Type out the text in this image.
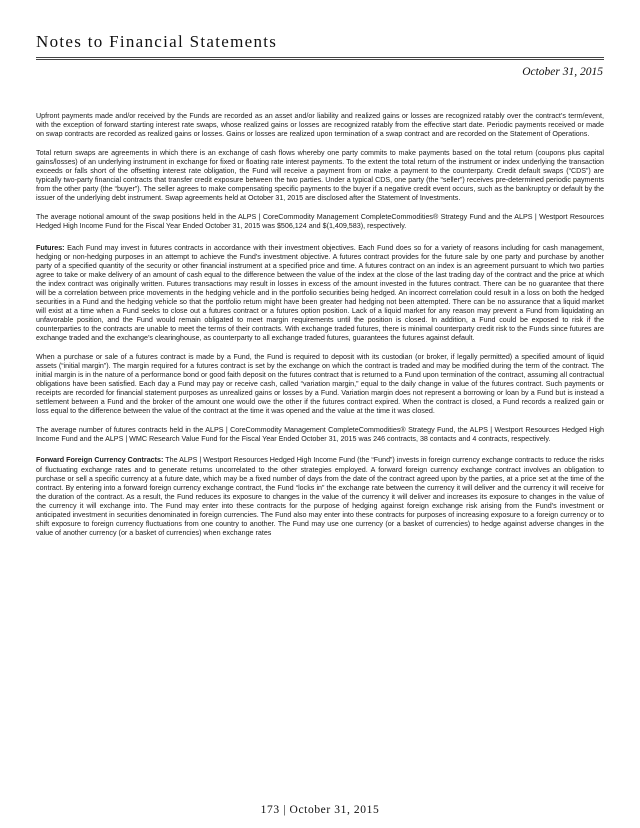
Notes to Financial Statements
October 31, 2015

Upfront payments made and/or received by the Funds are recorded as an asset and/or liability and realized gains or losses are recognized ratably over the contract’s term/event, with the exception of forward starting interest rate swaps, whose realized gains or losses are recognized ratably from the effective start date. Periodic payments received or made on swap contracts are recorded as realized gains or losses. Gains or losses are realized upon termination of a swap contract and are recorded on the Statement of Operations.

Total return swaps are agreements in which there is an exchange of cash flows whereby one party commits to make payments based on the total return (coupons plus capital gains/losses) of an underlying instrument in exchange for fixed or floating rate interest payments. To the extent the total return of the instrument or index underlying the transaction exceeds or falls short of the offsetting interest rate obligation, the Fund will receive a payment from or make a payment to the counterparty. Credit default swaps (“CDS”) are typically two-party financial contracts that transfer credit exposure between the two parties. Under a typical CDS, one party (the “seller”) receives pre-determined periodic payments from the other party (the “buyer”). The seller agrees to make compensating specific payments to the buyer if a negative credit event occurs, such as the bankruptcy or default by the issuer of the underlying debt instrument. Swap agreements held at October 31, 2015 are disclosed after the Statement of Investments.

The average notional amount of the swap positions held in the ALPS | CoreCommodity Management CompleteCommodities® Strategy Fund and the ALPS | Westport Resources Hedged High Income Fund for the Fiscal Year Ended October 31, 2015 was $506,124 and $(1,409,583), respectively.

Futures: Each Fund may invest in futures contracts in accordance with their investment objectives. Each Fund does so for a variety of reasons including for cash management, hedging or non-hedging purposes in an attempt to achieve the Fund’s investment objective. A futures contract provides for the future sale by one party and purchase by another party of a specified quantity of the security or other financial instrument at a specified price and time. A futures contract on an index is an agreement pursuant to which two parties agree to take or make delivery of an amount of cash equal to the difference between the value of the index at the close of the last trading day of the contract and the price at which the index contract was originally written. Futures transactions may result in losses in excess of the amount invested in the futures contract. There can be no guarantee that there will be a correlation between price movements in the hedging vehicle and in the portfolio securities being hedged. An incorrect correlation could result in a loss on both the hedged securities in a Fund and the hedging vehicle so that the portfolio return might have been greater had hedging not been attempted. There can be no assurance that a liquid market will exist at a time when a Fund seeks to close out a futures contract or a futures option position. Lack of a liquid market for any reason may prevent a Fund from liquidating an unfavorable position, and the Fund would remain obligated to meet margin requirements until the position is closed. In addition, a Fund could be exposed to risk if the counterparties to the contracts are unable to meet the terms of their contracts. With exchange traded futures, there is minimal counterparty credit risk to the Funds since futures are exchange traded and the exchange’s clearinghouse, as counterparty to all exchange traded futures, guarantees the futures against default.

When a purchase or sale of a futures contract is made by a Fund, the Fund is required to deposit with its custodian (or broker, if legally permitted) a specified amount of liquid assets (“initial margin”). The margin required for a futures contract is set by the exchange on which the contract is traded and may be modified during the term of the contract. The initial margin is in the nature of a performance bond or good faith deposit on the futures contract that is returned to a Fund upon termination of the contract, assuming all contractual obligations have been satisfied. Each day a Fund may pay or receive cash, called “variation margin,” equal to the daily change in value of the futures contract. Such payments or receipts are recorded for financial statement purposes as unrealized gains or losses by a Fund. Variation margin does not represent a borrowing or loan by a Fund but is instead a settlement between a Fund and the broker of the amount one would owe the other if the futures contract expired. When the contract is closed, a Fund records a realized gain or loss equal to the difference between the value of the contract at the time it was opened and the value at the time it was closed.

The average number of futures contracts held in the ALPS | CoreCommodity Management CompleteCommodities® Strategy Fund, the ALPS | Westport Resources Hedged High Income Fund and the ALPS | WMC Research Value Fund for the Fiscal Year Ended October 31, 2015 was 246 contracts, 38 contacts and 4 contracts, respectively.

Forward Foreign Currency Contracts: The ALPS | Westport Resources Hedged High Income Fund (the “Fund”) invests in foreign currency exchange contracts to reduce the risks of fluctuating exchange rates and to generate returns uncorrelated to the other strategies employed. A forward foreign currency exchange contract involves an obligation to purchase or sell a specific currency at a future date, which may be a fixed number of days from the date of the contract agreed upon by the parties, at a price set at the time of the contract. By entering into a forward foreign currency exchange contract, the Fund “locks in” the exchange rate between the currency it will deliver and the currency it will receive for the duration of the contract. As a result, the Fund reduces its exposure to changes in the value of the currency it will deliver and increases its exposure to changes in the value of the currency it will exchange into. The Fund may enter into these contracts for the purpose of hedging against foreign exchange risk arising from the Fund’s investment or anticipated investment in securities denominated in foreign currencies. The Fund also may enter into these contracts for purposes of increasing exposure to a foreign currency or to shift exposure to foreign currency fluctuations from one country to another. The Fund may use one currency (or a basket of currencies) to hedge against adverse changes in the value of another currency (or a basket of currencies) when exchange rates

173 | October 31, 2015
